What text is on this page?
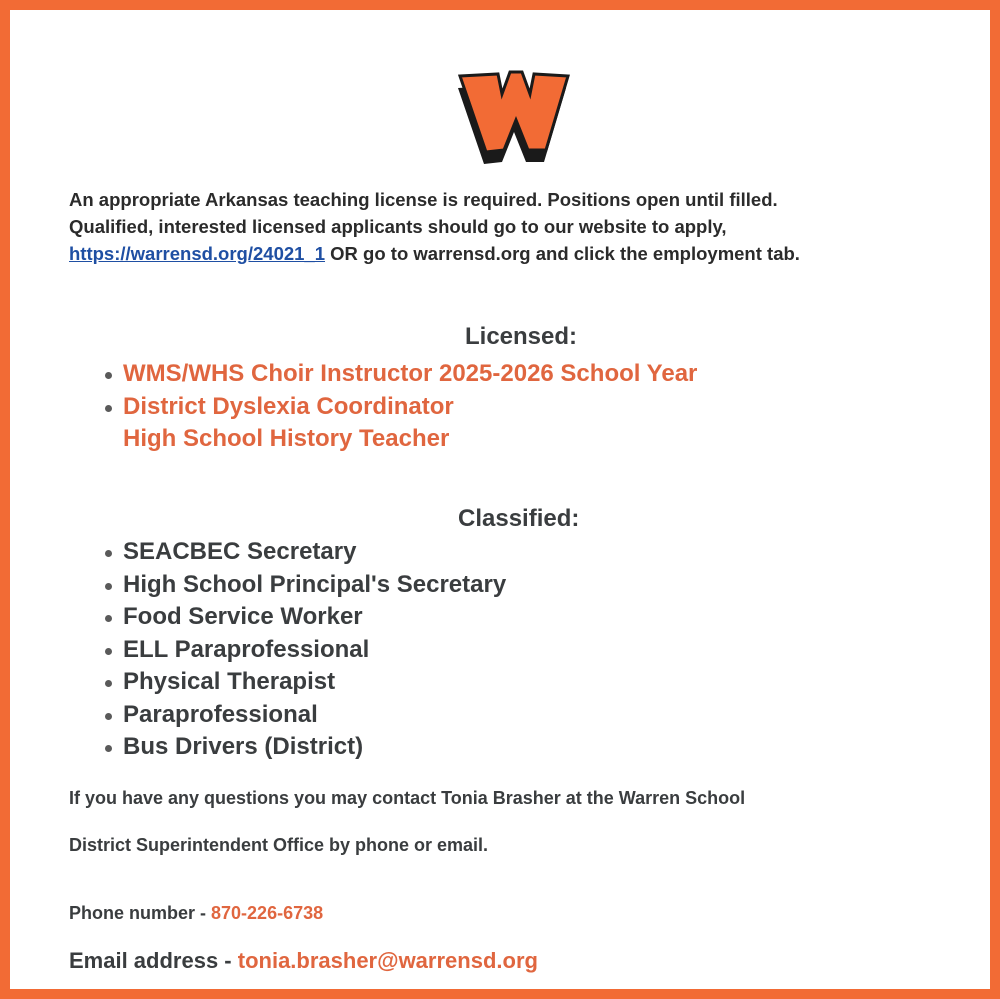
An appropriate Arkansas teaching license is required. Positions open until filled.
Qualified, interested licensed applicants should go to our website to apply,
https://warrensd.org/24021_1 OR go to warrensd.org and click the employment tab.
Licensed:
WMS/WHS Choir Instructor 2025-2026 School Year
District Dyslexia Coordinator
High School History Teacher
Classified:
SEACBEC Secretary
High School Principal's Secretary
Food Service Worker
ELL Paraprofessional
Physical Therapist
Paraprofessional
Bus Drivers (District)
If you have any questions you may contact Tonia Brasher at the Warren School
District Superintendent Office by phone or email.
Phone number - 870-226-6738
Email address - tonia.brasher@warrensd.org
